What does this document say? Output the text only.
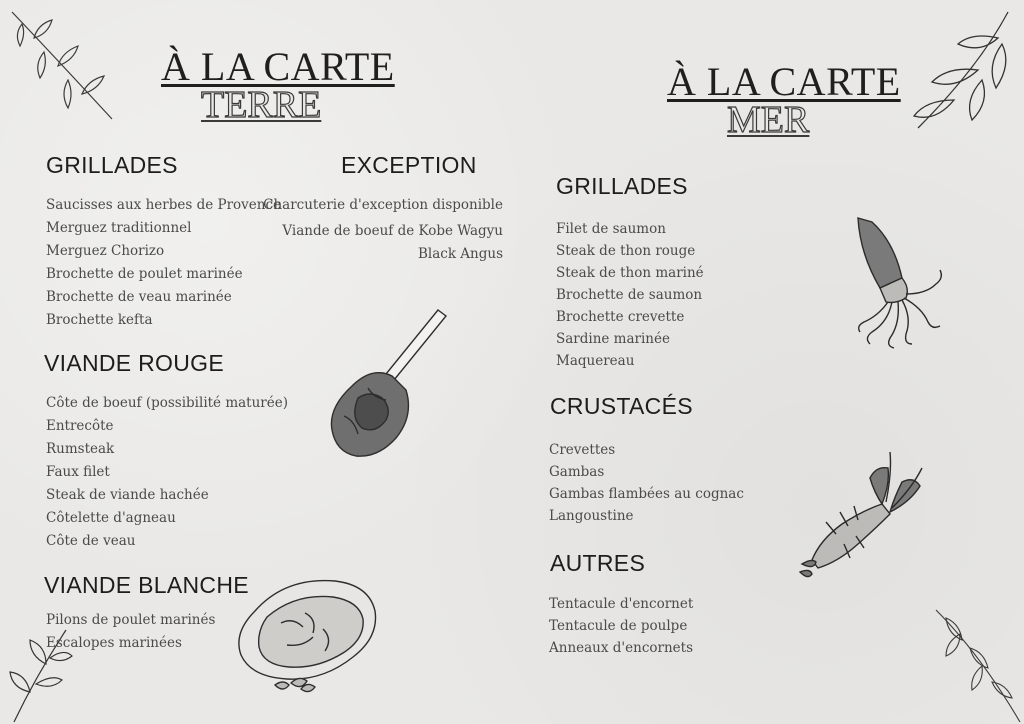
À LA CARTE
TERRE
GRILLADES
Saucisses aux herbes de Provence
Merguez traditionnel
Merguez Chorizo
Brochette de poulet marinée
Brochette de veau marinée
Brochette kefta
EXCEPTION
Charcuterie d'exception disponible
Viande de boeuf de Kobe Wagyu
Black Angus
VIANDE ROUGE
Côte de boeuf (possibilité maturée)
Entrecôte
Rumsteak
Faux filet
Steak de viande hachée
Côtelette d'agneau
Côte de veau
VIANDE BLANCHE
Pilons de poulet marinés
Escalopes marinées
À LA CARTE
MER
GRILLADES
Filet de saumon
Steak de thon rouge
Steak de thon mariné
Brochette de saumon
Brochette crevette
Sardine marinée
Maquereau
CRUSTACÉS
Crevettes
Gambas
Gambas flambées au cognac
Langoustine
AUTRES
Tentacule d'encornet
Tentacule de poulpe
Anneaux d'encornets
